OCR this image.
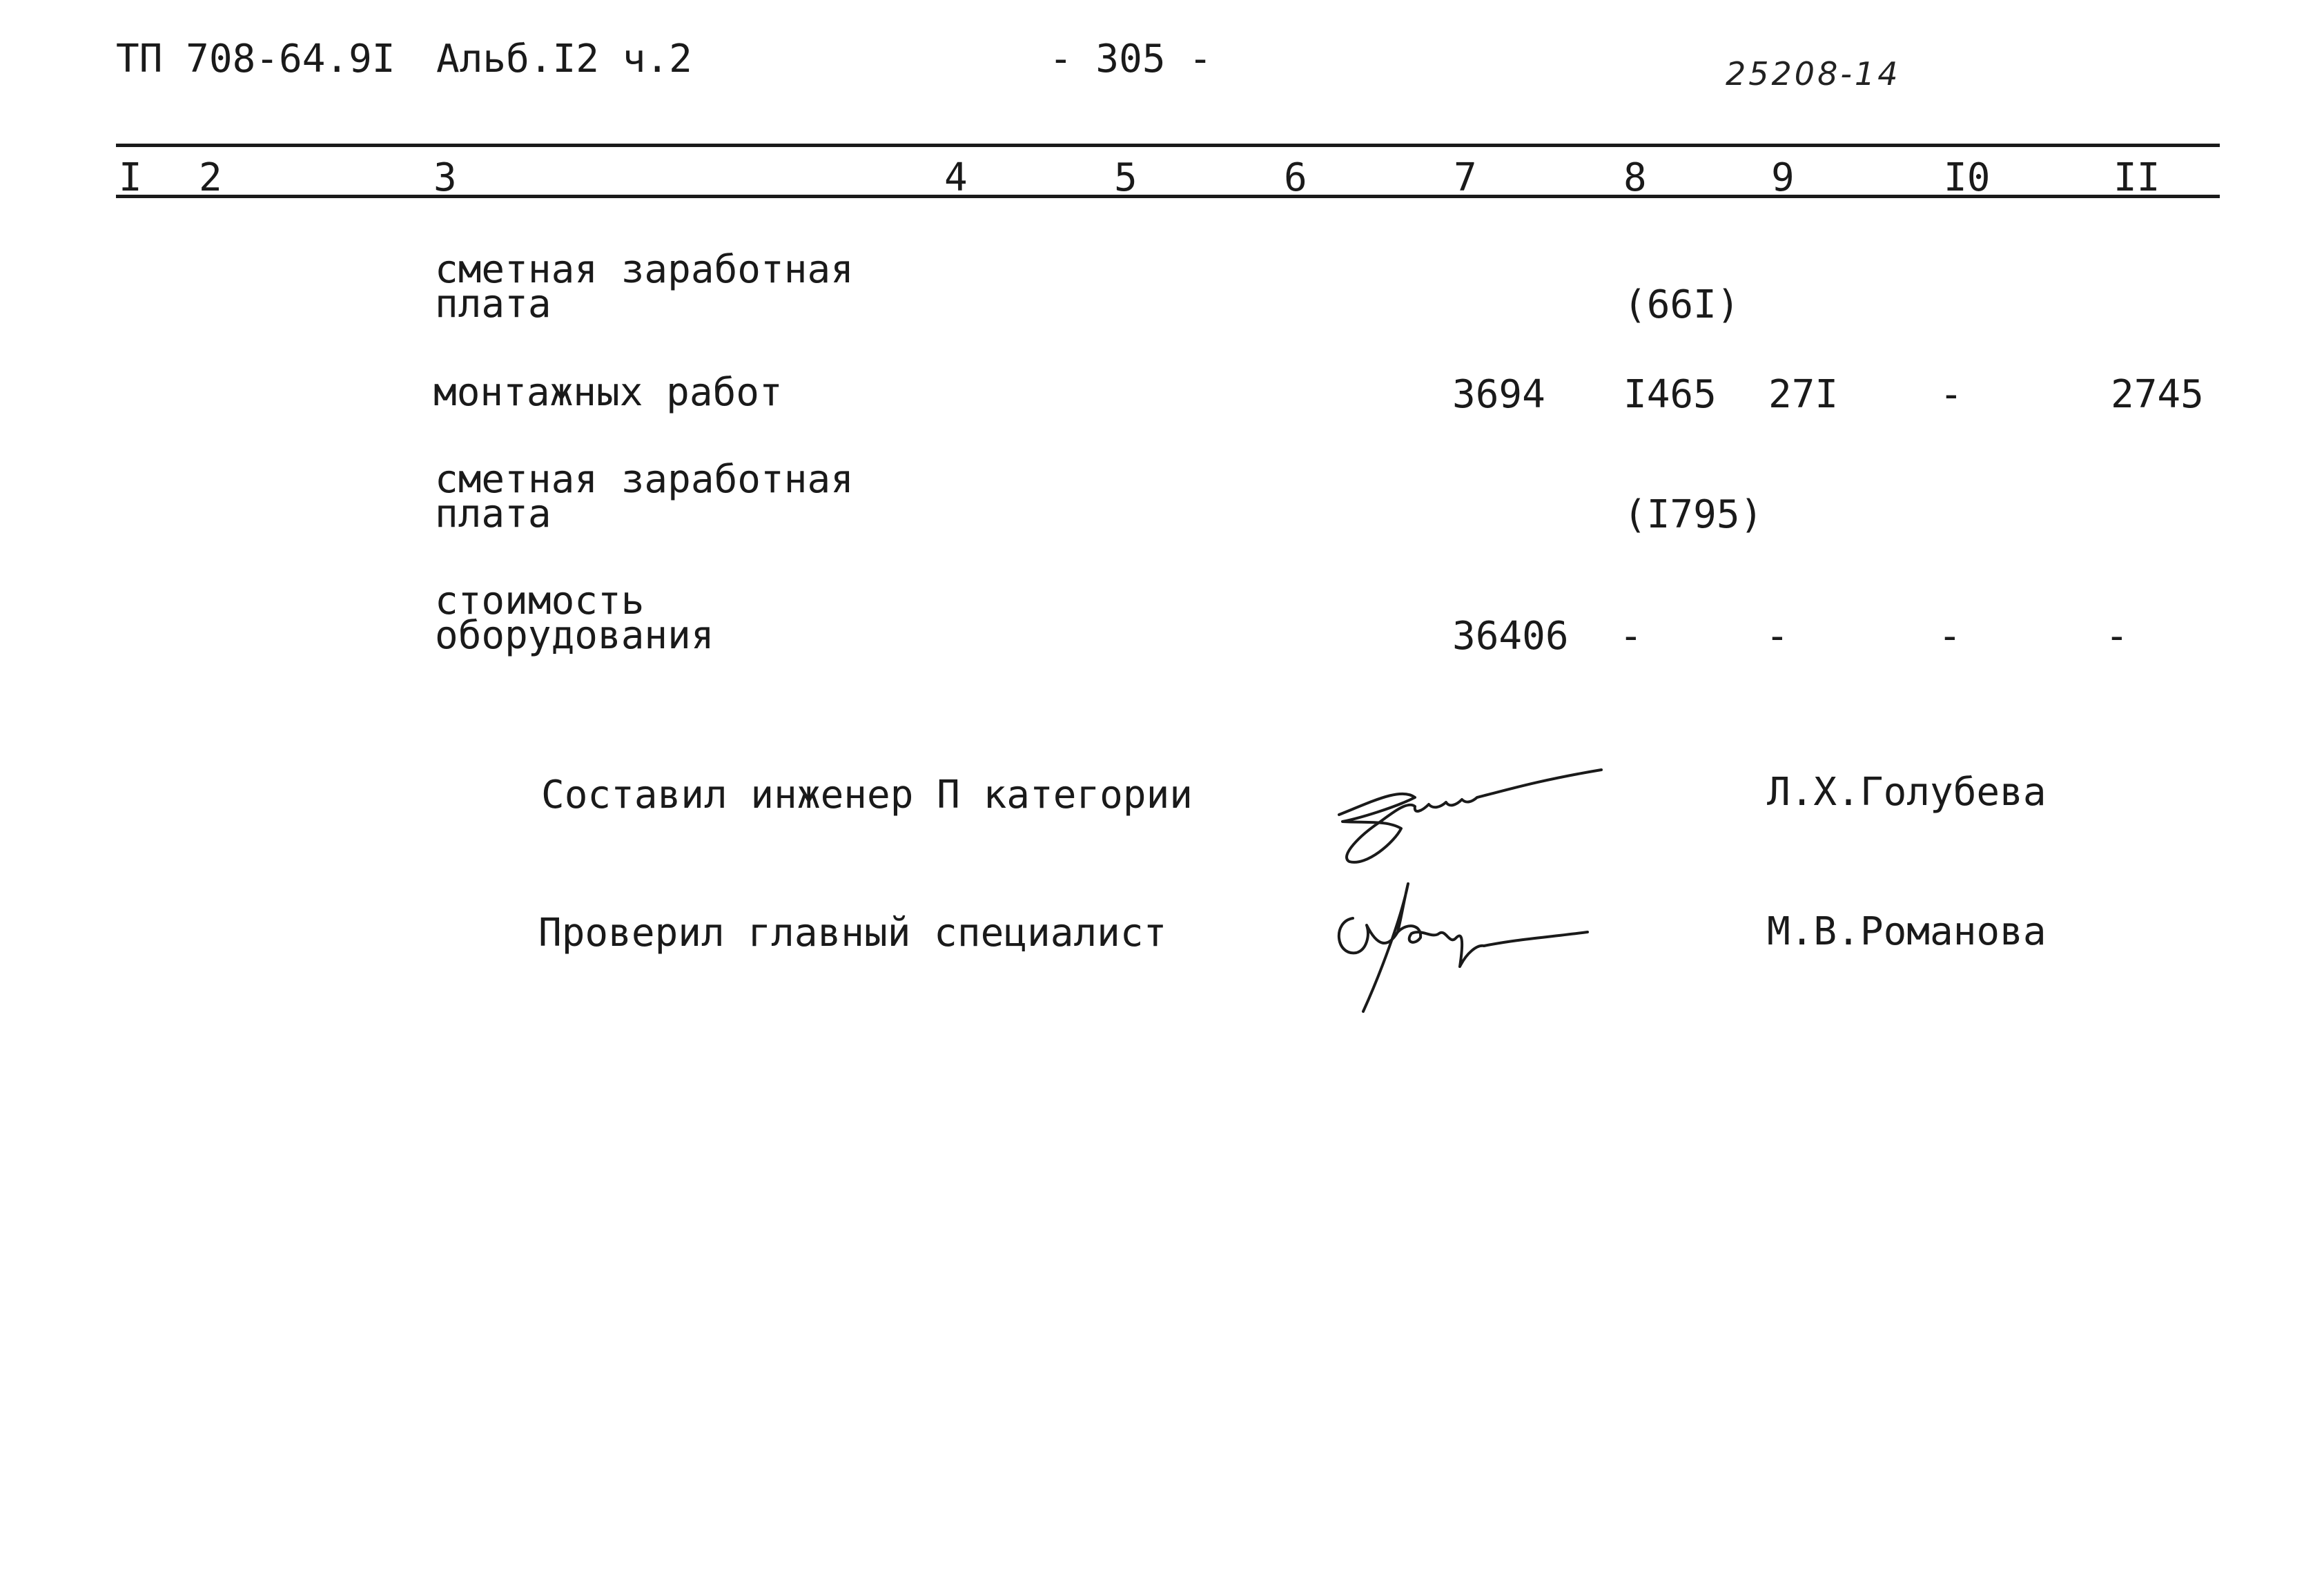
ТП 708-64.9I Альб.I2 ч.2	- 305 -	25208-14
I 2	3	4	5	6	7	8	9	I0	II
сметная заработная
плата	(66I)
монтажных работ	3694 I465 27I	-	2745
сметная заработная
плата	(I795)
стоимость
оборудования	36406 -	-	-	-
Составил инженер П категории	Л.Х.Голубева
Проверил главный специалист	М.В.Романова
